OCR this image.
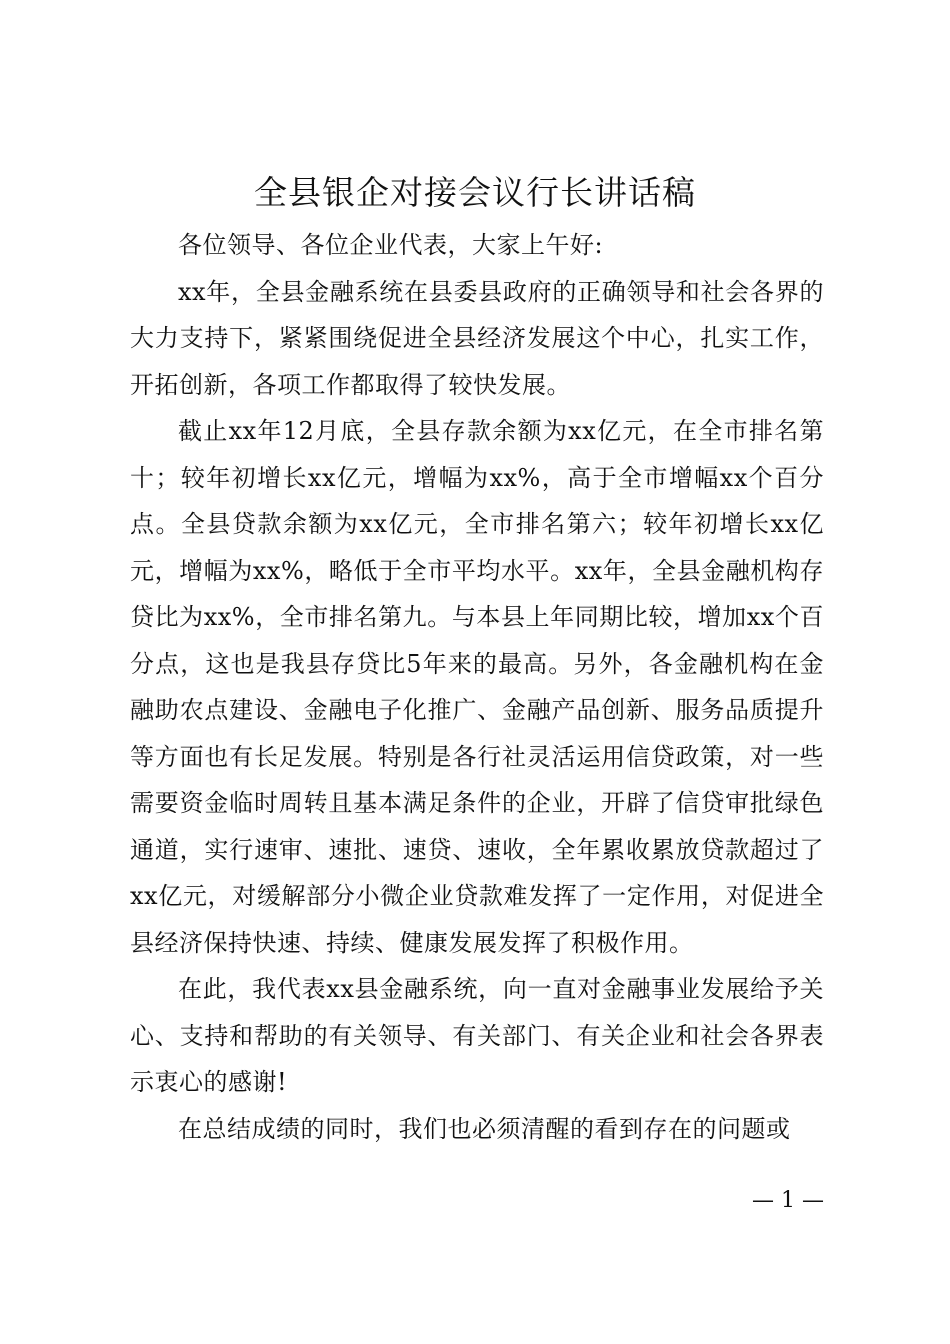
全县银企对接会议行长讲话稿

各位领导、各位企业代表，大家上午好:

xx年，全县金融系统在县委县政府的正确领导和社会各界的大力支持下，紧紧围绕促进全县经济发展这个中心，扎实工作，开拓创新，各项工作都取得了较快发展。

截止xx年12月底，全县存款余额为xx亿元，在全市排名第十；较年初增长xx亿元，增幅为xx%，高于全市增幅xx个百分点。全县贷款余额为xx亿元，全市排名第六；较年初增长xx亿元，增幅为xx%，略低于全市平均水平。xx年，全县金融机构存贷比为xx%，全市排名第九。与本县上年同期比较，增加xx个百分点，这也是我县存贷比5年来的最高。另外，各金融机构在金融助农点建设、金融电子化推广、金融产品创新、服务品质提升等方面也有长足发展。特别是各行社灵活运用信贷政策，对一些需要资金临时周转且基本满足条件的企业，开辟了信贷审批绿色通道，实行速审、速批、速贷、速收，全年累收累放贷款超过了xx亿元，对缓解部分小微企业贷款难发挥了一定作用，对促进全县经济保持快速、持续、健康发展发挥了积极作用。

在此，我代表xx县金融系统，向一直对金融事业发展给予关心、支持和帮助的有关领导、有关部门、有关企业和社会各界表示衷心的感谢!

在总结成绩的同时，我们也必须清醒的看到存在的问题或

— 1 —
